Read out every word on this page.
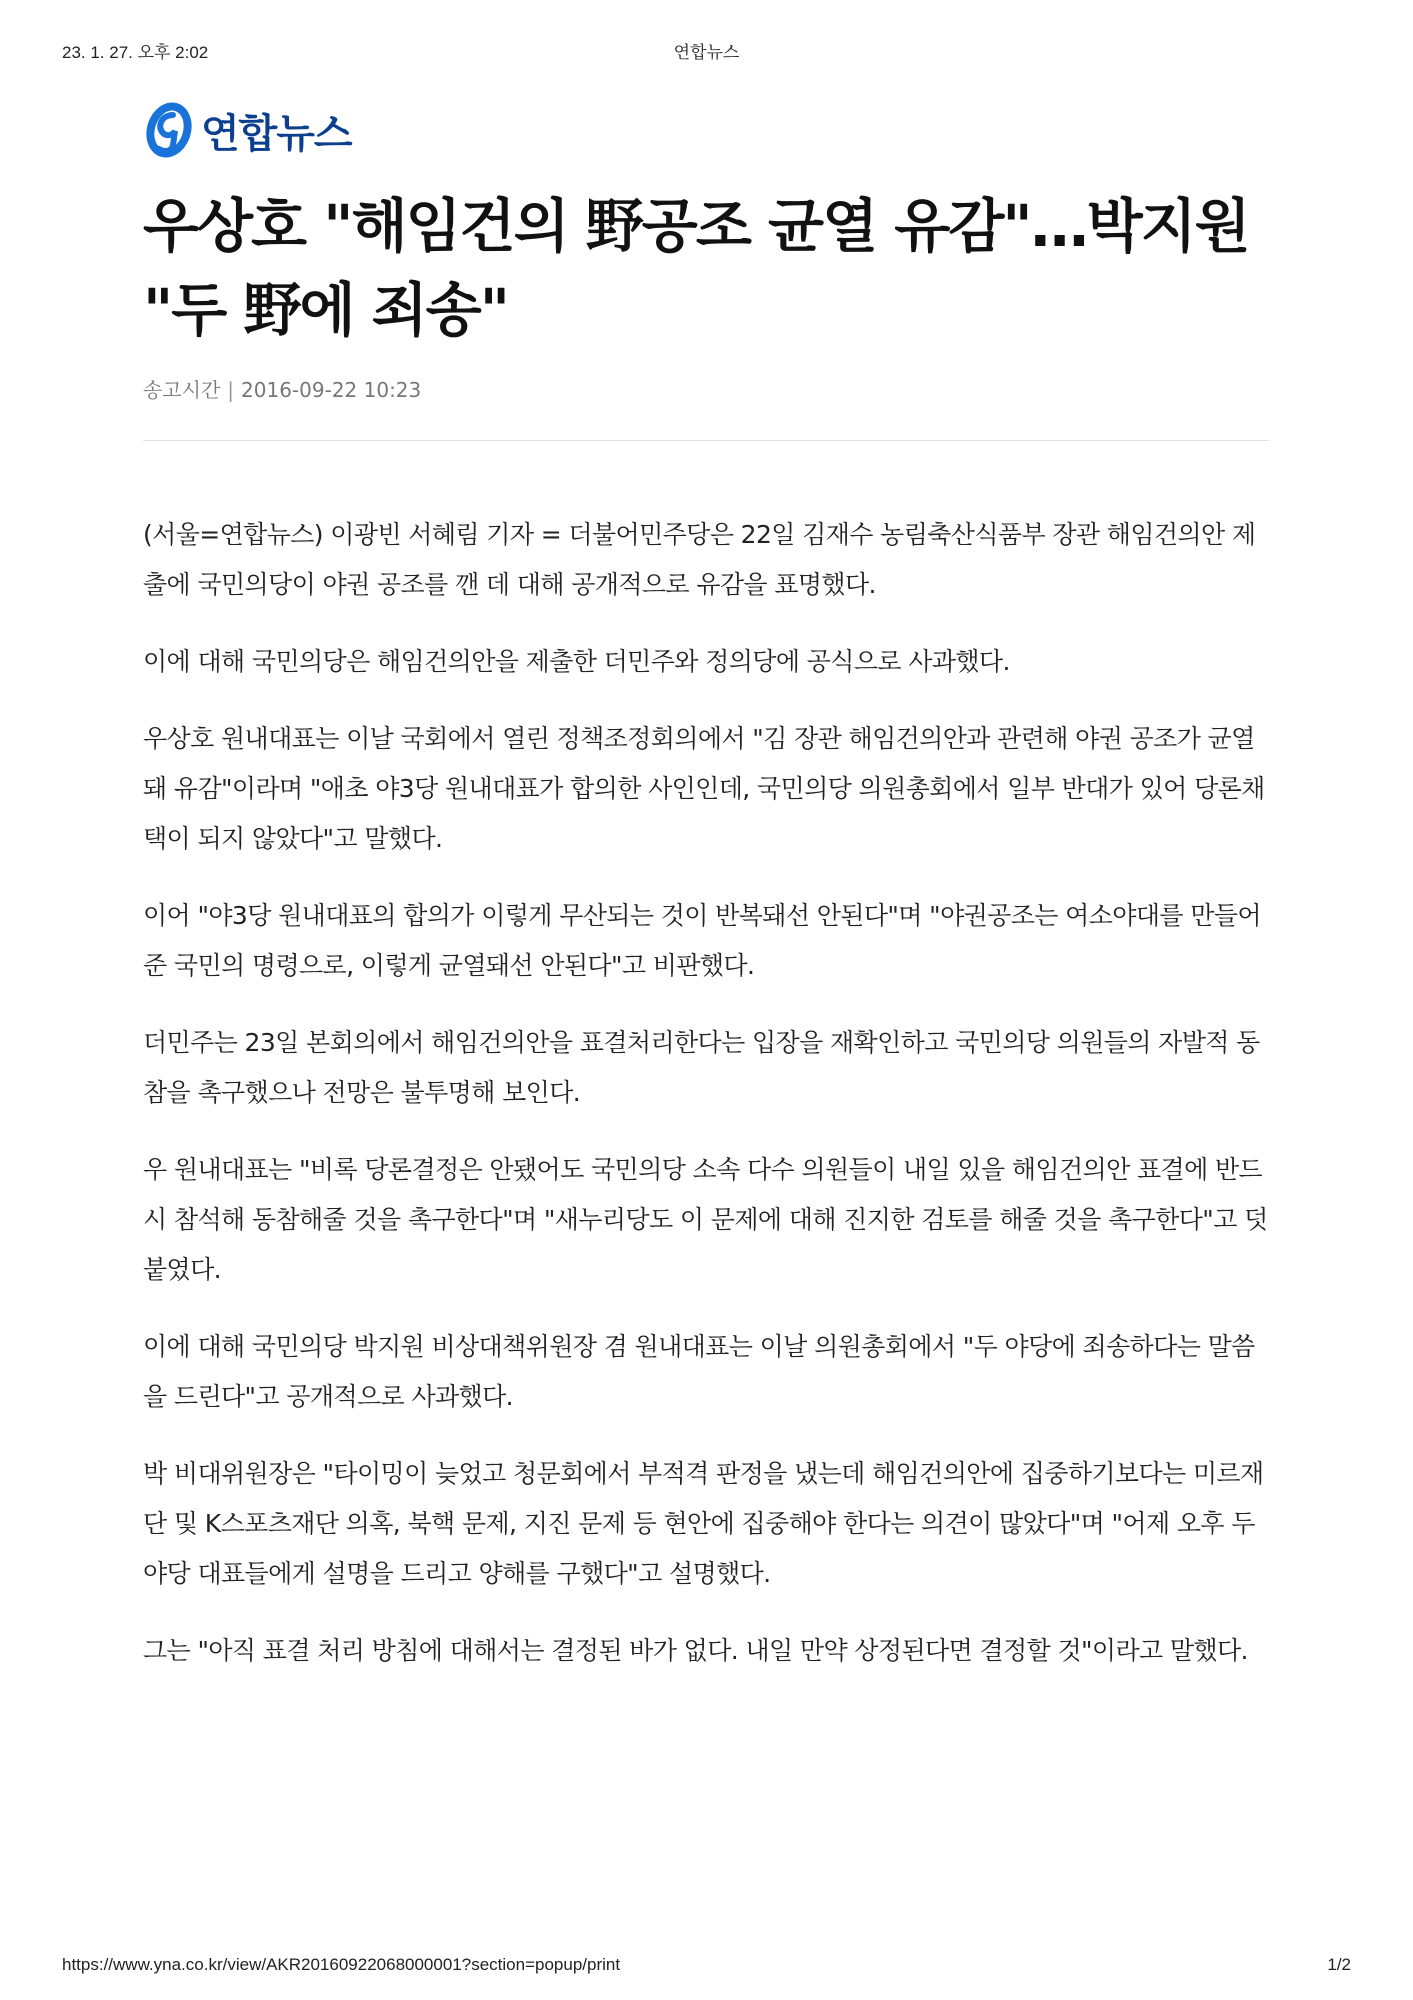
23. 1. 27. 오후 2:02	연합뉴스
연합뉴스
우상호 "해임건의 野공조 균열 유감"…박지원 "두 野에 죄송"
송고시간 | 2016-09-22 10:23

(서울=연합뉴스) 이광빈 서혜림 기자 = 더불어민주당은 22일 김재수 농림축산식품부 장관 해임건의안 제출에 국민의당이 야권 공조를 깬 데 대해 공개적으로 유감을 표명했다.

이에 대해 국민의당은 해임건의안을 제출한 더민주와 정의당에 공식으로 사과했다.

우상호 원내대표는 이날 국회에서 열린 정책조정회의에서 "김 장관 해임건의안과 관련해 야권 공조가 균열돼 유감"이라며 "애초 야3당 원내대표가 합의한 사인인데, 국민의당 의원총회에서 일부 반대가 있어 당론채택이 되지 않았다"고 말했다.

이어 "야3당 원내대표의 합의가 이렇게 무산되는 것이 반복돼선 안된다"며 "야권공조는 여소야대를 만들어준 국민의 명령으로, 이렇게 균열돼선 안된다"고 비판했다.

더민주는 23일 본회의에서 해임건의안을 표결처리한다는 입장을 재확인하고 국민의당 의원들의 자발적 동참을 촉구했으나 전망은 불투명해 보인다.

우 원내대표는 "비록 당론결정은 안됐어도 국민의당 소속 다수 의원들이 내일 있을 해임건의안 표결에 반드시 참석해 동참해줄 것을 촉구한다"며 "새누리당도 이 문제에 대해 진지한 검토를 해줄 것을 촉구한다"고 덧붙였다.

이에 대해 국민의당 박지원 비상대책위원장 겸 원내대표는 이날 의원총회에서 "두 야당에 죄송하다는 말씀을 드린다"고 공개적으로 사과했다.

박 비대위원장은 "타이밍이 늦었고 청문회에서 부적격 판정을 냈는데 해임건의안에 집중하기보다는 미르재단 및 K스포츠재단 의혹, 북핵 문제, 지진 문제 등 현안에 집중해야 한다는 의견이 많았다"며 "어제 오후 두 야당 대표들에게 설명을 드리고 양해를 구했다"고 설명했다.

그는 "아직 표결 처리 방침에 대해서는 결정된 바가 없다. 내일 만약 상정된다면 결정할 것"이라고 말했다.

https://www.yna.co.kr/view/AKR20160922068000001?section=popup/print	1/2
